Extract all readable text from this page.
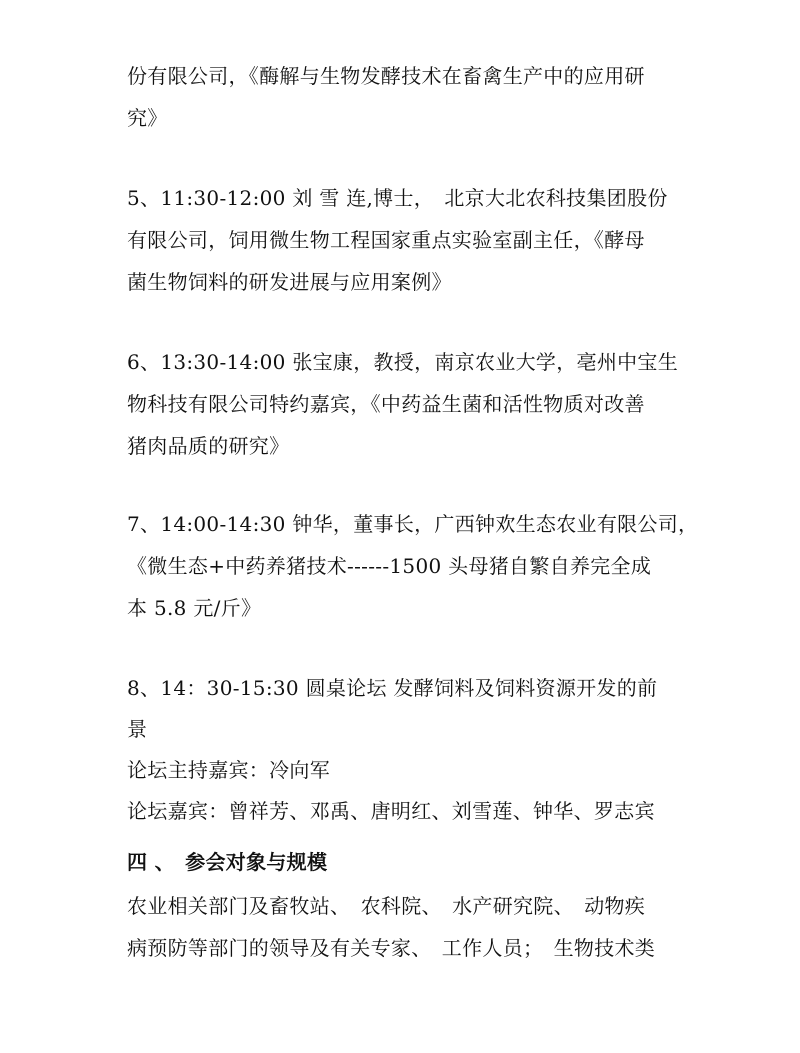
份有限公司，《酶解与生物发酵技术在畜禽生产中的应用研
究》
5、11:30-12:00 刘 雪 连,博士，　北京大北农科技集团股份
有限公司，饲用微生物工程国家重点实验室副主任，《酵母
菌生物饲料的研发进展与应用案例》
6、13:30-14:00 张宝康，教授，南京农业大学，亳州中宝生
物科技有限公司特约嘉宾，《中药益生菌和活性物质对改善
猪肉品质的研究》
7、14:00-14:30 钟华，董事长，广西钟欢生态农业有限公司，
《微生态+中药养猪技术------1500 头母猪自繁自养完全成
本 5.8 元/斤》
8、14：30-15:30 圆桌论坛 发酵饲料及饲料资源开发的前
景
论坛主持嘉宾：冷向军
论坛嘉宾：曾祥芳、邓禹、唐明红、刘雪莲、钟华、罗志宾
四 、　参会对象与规模
农业相关部门及畜牧站、　农科院、　水产研究院、　动物疾
病预防等部门的领导及有关专家、　工作人员；　生物技术类
